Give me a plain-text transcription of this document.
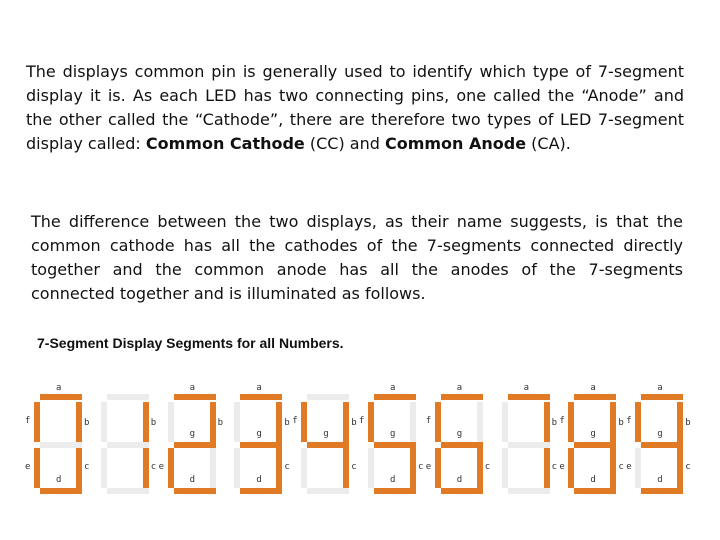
The displays common pin is generally used to identify which type of 7-segment display it is. As each LED has two connecting pins, one called the “Anode” and the other called the “Cathode”, there are therefore two types of LED 7-segment display called: Common Cathode (CC) and Common Anode (CA).

The difference between the two displays, as their name suggests, is that the common cathode has all the cathodes of the 7-segments connected directly together and the common anode has all the anodes of the 7-segments connected together and is illuminated as follows.

7-Segment Display Segments for all Numbers.

a
f	b
e	c
d
b
c
a
b
g
e
d
a
b
g
c
d
f	b
g
c
a
f
g
c
d
a
f
g
e	c
d
a
b
c
a
f	b
g
e	c
d
a
f	b
g
e	c
d
